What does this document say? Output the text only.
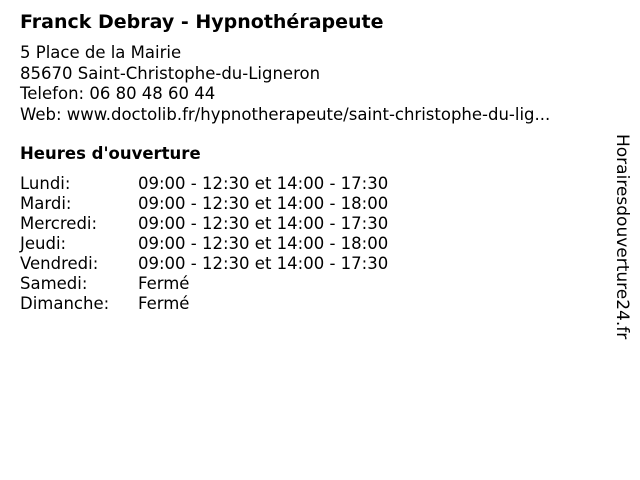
Franck Debray - Hypnothérapeute
5 Place de la Mairie
85670 Saint-Christophe-du-Ligneron
Telefon: 06 80 48 60 44
Web: www.doctolib.fr/hypnotherapeute/saint-christophe-du-lig...
Heures d'ouverture
Lundi:	09:00 - 12:30 et 14:00 - 17:30
Mardi:	09:00 - 12:30 et 14:00 - 18:00
Mercredi:	09:00 - 12:30 et 14:00 - 17:30
Jeudi:	09:00 - 12:30 et 14:00 - 18:00
Vendredi:	09:00 - 12:30 et 14:00 - 17:30
Samedi:	Fermé
Dimanche:	Fermé	Horairesdouverture24.fr
